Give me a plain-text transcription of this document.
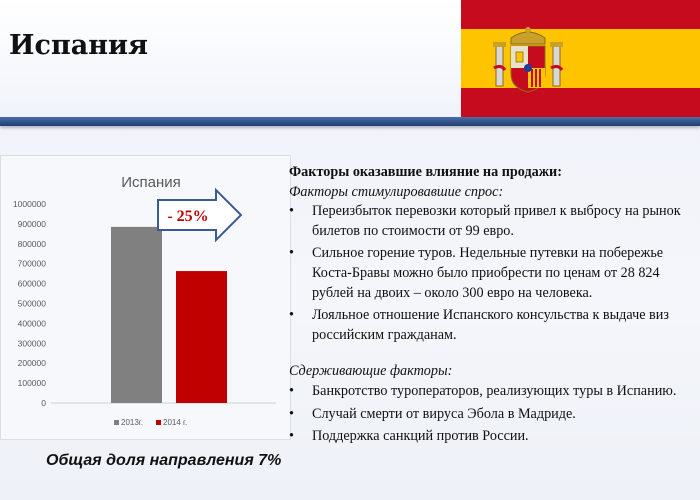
Испания
Испания
1000000
900000
800000
700000
600000
500000
400000
300000
200000
100000
0
2013г.	2014 г.
- 25%
Общая доля направления 7%
Факторы оказавшие влияние на продажи:
Факторы стимулировавшие спрос:
• Переизбыток перевозки который привел к выбросу на рынок билетов по стоимости от 99 евро.
• Сильное горение туров. Недельные путевки на побережье Коста-Бравы можно было приобрести по ценам от 28 824 рублей на двоих – около 300 евро на человека.
• Лояльное отношение Испанского консульства к выдаче виз российским гражданам.
Сдерживающие факторы:
• Банкротство туроператоров, реализующих туры в Испанию.
• Случай смерти от вируса Эбола в Мадриде.
• Поддержка санкций против России.
